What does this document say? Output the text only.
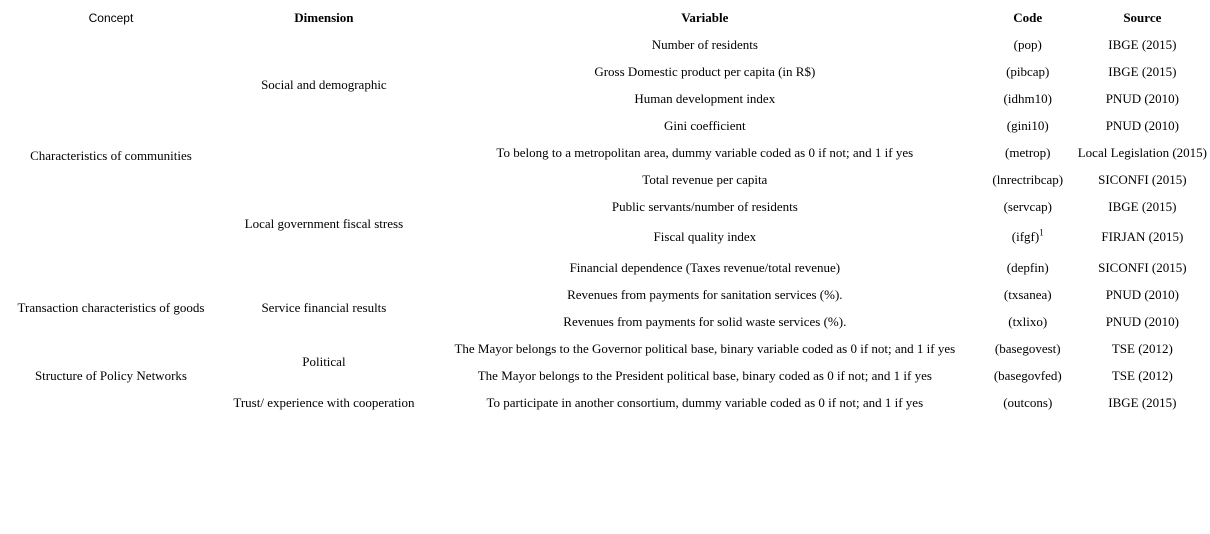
Concept	Dimension	Variable	Code	Source
Characteristics of communities	Social and demographic	Number of residents	(pop)	IBGE (2015)
		Gross Domestic product per capita (in R$)	(pibcap)	IBGE (2015)
		Human development index	(idhm10)	PNUD (2010)
		Gini coefficient	(gini10)	PNUD (2010)
		To belong to a metropolitan area, dummy variable coded as 0 if not; and 1 if yes	(metrop)	Local Legislation (2015)
	Local government fiscal stress	Total revenue per capita	(lnrectribcap)	SICONFI (2015)
		Public servants/number of residents	(servcap)	IBGE (2015)
		Fiscal quality index	(ifgf)$^1$	FIRJAN (2015)
		Financial dependence (Taxes revenue/total revenue)	(depfin)	SICONFI (2015)
Transaction characteristics of goods	Service financial results	Revenues from payments for sanitation services (%).	(txsanea)	PNUD (2010)
		Revenues from payments for solid waste services (%).	(txlixo)	PNUD (2010)
Structure of Policy Networks	Political	The Mayor belongs to the Governor political base, binary variable coded as 0 if not; and 1 if yes	(basegovest)	TSE (2012)
		The Mayor belongs to the President political base, binary coded as 0 if not; and 1 if yes	(basegovfed)	TSE (2012)
	Trust/ experience with cooperation	To participate in another consortium, dummy variable coded as 0 if not; and 1 if yes	(outcons)	IBGE (2015)
